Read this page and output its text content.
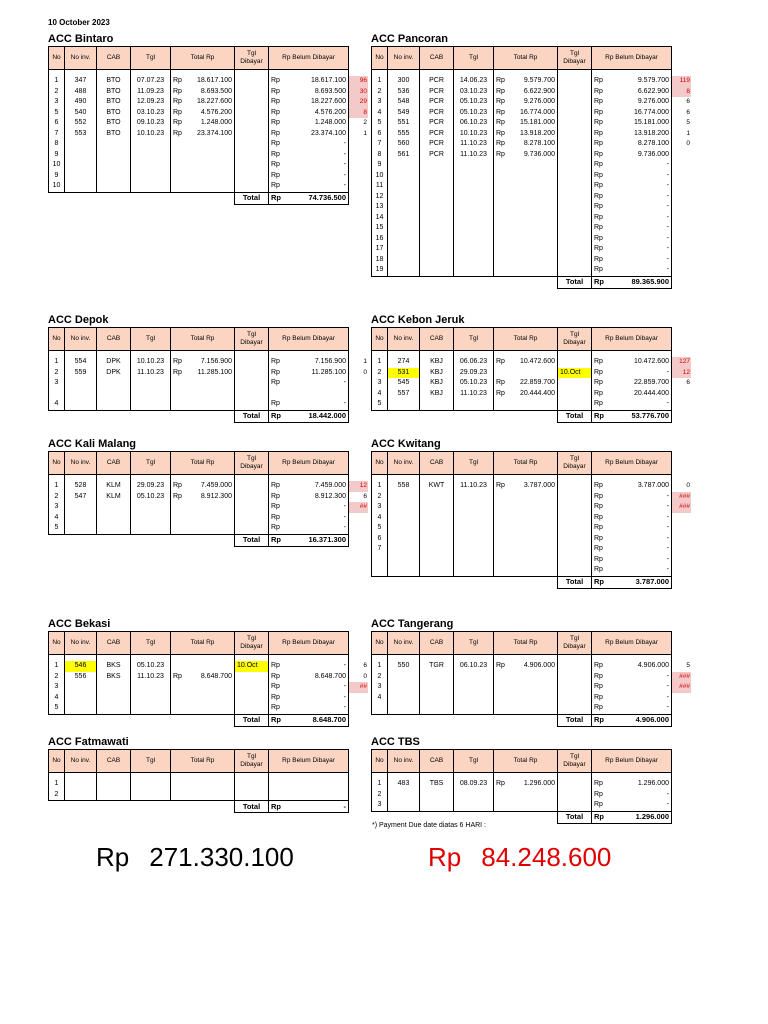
10 October 2023
ACC Bintaro
No	No inv.	CAB	Tgl	Total Rp	Tgl Dibayar	Rp Belum Dibayar	

1	347	BTO	07.07.23	Rp 18.617.100		Rp 18.617.100	96
2	488	BTO	11.09.23	Rp 8.693.500		Rp 8.693.500	30
3	490	BTO	12.09.23	Rp 18.227.600		Rp 18.227.600	29
5	540	BTO	03.10.23	Rp 4.576.200		Rp 4.576.200	8
6	552	BTO	09.10.23	Rp 1.248.000		Rp 1.248.000	2
7	553	BTO	10.10.23	Rp 23.374.100		Rp 23.374.100	1
8						Rp -	

9						Rp -	

10						Rp -	

9						Rp -	

10						Rp -	

					Total	Rp 74.736.500	
ACC Pancoran
No	No inv.	CAB	Tgl	Total Rp	Tgl Dibayar	Rp Belum Dibayar	

1	300	PCR	14.06.23	Rp 9.579.700		Rp 9.579.700	119
2	536	PCR	03.10.23	Rp 6.622.900		Rp 6.622.900	8
3	548	PCR	05.10.23	Rp 9.276.000		Rp 9.276.000	6
4	549	PCR	05.10.23	Rp 16.774.000		Rp 16.774.000	6
5	551	PCR	06.10.23	Rp 15.181.000		Rp 15.181.000	5
6	555	PCR	10.10.23	Rp 13.918.200		Rp 13.918.200	1
7	560	PCR	11.10.23	Rp 8.278.100		Rp 8.278.100	0
8	561	PCR	11.10.23	Rp 9.736.000		Rp 9.736.000	

9						Rp -	

10						Rp -	

11						Rp -	

12						Rp -	

13						Rp -	

14						Rp -	

15						Rp -	

16						Rp -	

17						Rp -	

18						Rp -	

19						Rp -	

					Total	Rp 89.365.900	
ACC Depok
No	No inv.	CAB	Tgl	Total Rp	Tgl Dibayar	Rp Belum Dibayar	

1	554	DPK	10.10.23	Rp 7.156.900		Rp 7.156.900	1
2	559	DPK	11.10.23	Rp 11.285.100		Rp 11.285.100	0
3						Rp -	

4						Rp -	

					Total	Rp 18.442.000	
ACC Kebon Jeruk
No	No inv.	CAB	Tgl	Total Rp	Tgl Dibayar	Rp Belum Dibayar	

1	274	KBJ	06.06.23	Rp 10.472.600		Rp 10.472.600	127
2	531	KBJ	29.09.23		10.Oct	Rp -	12
3	545	KBJ	05.10.23	Rp 22.859.700		Rp 22.859.700	6
4	557	KBJ	11.10.23	Rp 20.444.400		Rp 20.444.400	

5						Rp -	

					Total	Rp 53.776.700	
ACC Kali Malang
No	No inv.	CAB	Tgl	Total Rp	Tgl Dibayar	Rp Belum Dibayar	

1	528	KLM	29.09.23	Rp 7.459.000		Rp 7.459.000	12
2	547	KLM	05.10.23	Rp 8.912.300		Rp 8.912.300	6
3						Rp -	##
4						Rp -	

5						Rp -	

					Total	Rp 16.371.300	
ACC Kwitang
No	No inv.	CAB	Tgl	Total Rp	Tgl Dibayar	Rp Belum Dibayar	

1	558	KWT	11.10.23	Rp 3.787.000		Rp 3.787.000	0
2						Rp -	###
3						Rp -	###
4						Rp -	

5						Rp -	

6						Rp -	

7						Rp -	

						Rp -	

						Rp -	

					Total	Rp 3.787.000	
ACC Bekasi
No	No inv.	CAB	Tgl	Total Rp	Tgl Dibayar	Rp Belum Dibayar	

1	546	BKS	05.10.23		10.Oct	Rp -	6
2	556	BKS	11.10.23	Rp 8.648.700		Rp 8.648.700	0
3						Rp -	##
4						Rp -	

5						Rp -	

					Total	Rp 8.648.700	
ACC Tangerang
No	No inv.	CAB	Tgl	Total Rp	Tgl Dibayar	Rp Belum Dibayar	

1	550	TGR	06.10.23	Rp 4.906.000		Rp 4.906.000	5
2						Rp -	###
3						Rp -	###
4						Rp -	

						Rp -	

					Total	Rp 4.906.000	
ACC Fatmawati
No	No inv.	CAB	Tgl	Total Rp	Tgl Dibayar	Rp Belum Dibayar	

1							
2							
					Total	Rp -	
ACC TBS
No	No inv.	CAB	Tgl	Total Rp	Tgl Dibayar	Rp Belum Dibayar	

1	483	TBS	08.09.23	Rp 1.296.000		Rp 1.296.000	

2						Rp -	

3						Rp -	

					Total	Rp 1.296.000	
*) Payment Due date diatas 6 HARI :
Rp 271.330.100	Rp 84.248.600
